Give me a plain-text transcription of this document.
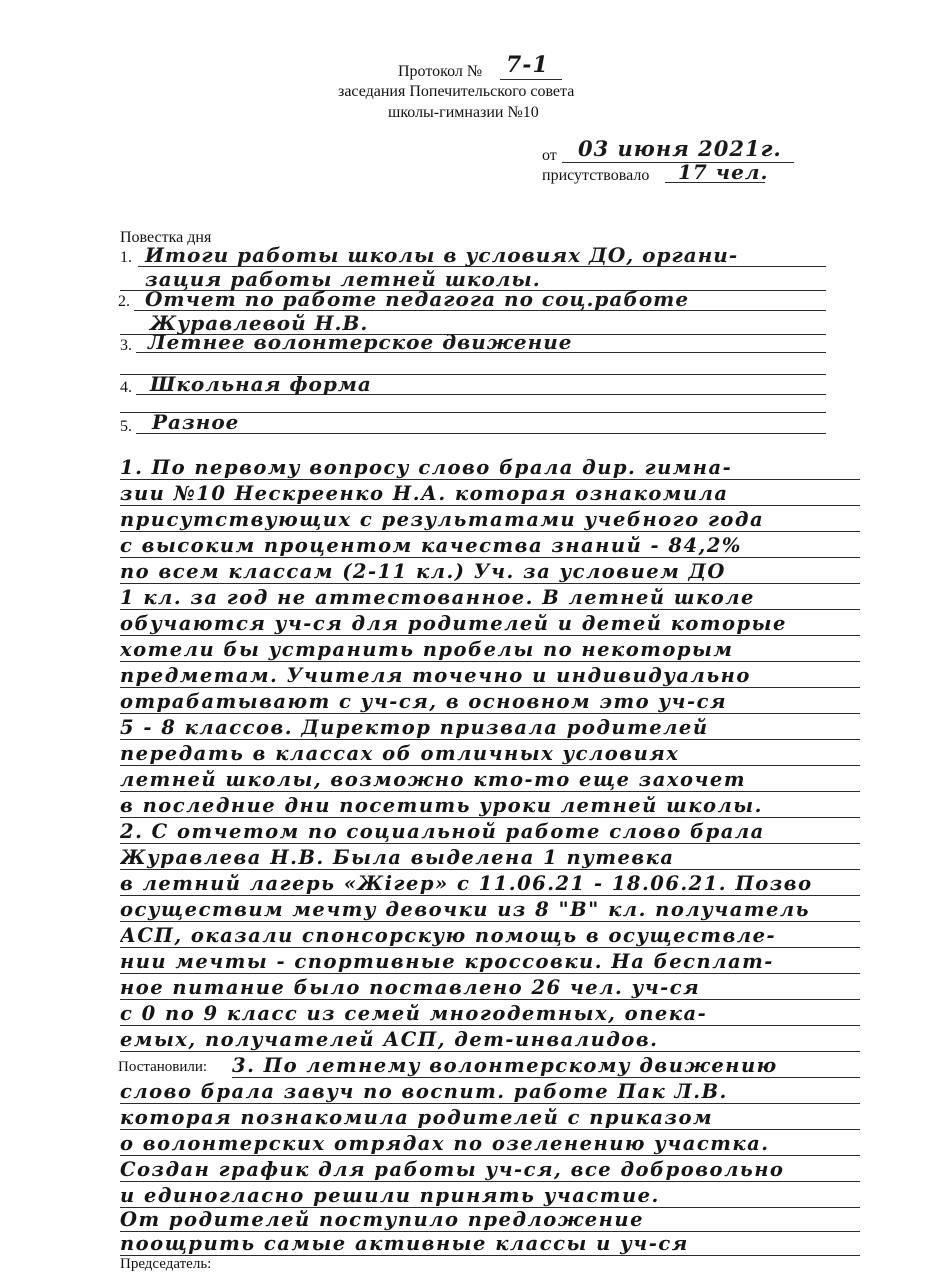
Протокол № 7-1
заседания Попечительского совета
школы-гимназии №10
от 03 июня 2021г.
присутствовало 17 чел.
Повестка дня
1. Итоги работы школы в условиях ДО, органи-
зация работы летней школы.
2. Отчет по работе педагога по соц.работе
Журавлевой Н.В.
3. Летнее волонтерское движение
4. Школьная форма
5. Разное
1. По первому вопросу слово брала дир. гимна-
зии №10 Нескреенко Н.А. которая ознакомила
присутствующих с результатами учебного года
с высоким процентом качества знаний - 84,2%
по всем классам (2-11 кл.) Уч. за условием ДО
1 кл. за год не аттестованное. В летней школе
обучаются уч-ся для родителей и детей которые
хотели бы устранить пробелы по некоторым
предметам. Учителя точечно и индивидуально
отрабатывают с уч-ся, в основном это уч-ся
5 - 8 классов. Директор призвала родителей
передать в классах об отличных условиях
летней школы, возможно кто-то еще захочет
в последние дни посетить уроки летней школы.
2. С отчетом по социальной работе слово брала
Журавлева Н.В. Была выделена 1 путевка
в летний лагерь «Жігер» с 11.06.21 - 18.06.21. Позво
осуществим мечту девочки из 8 "В" кл. получатель
АСП, оказали спонсорскую помощь в осуществле-
нии мечты - спортивные кроссовки. На бесплат-
ное питание было поставлено 26 чел. уч-ся
с 0 по 9 класс из семей многодетных, опека-
емых, получателей АСП, дет-инвалидов.
3. По летнему волонтерскому движению
слово брала завуч по воспит. работе Пак Л.В.
которая познакомила родителей с приказом
о волонтерских отрядах по озеленению участка.
Создан график для работы уч-ся, все добровольно
и единогласно решили принять участие.
От родителей поступило предложение
поощрить самые активные классы и уч-ся
Постановили:
Председатель:
